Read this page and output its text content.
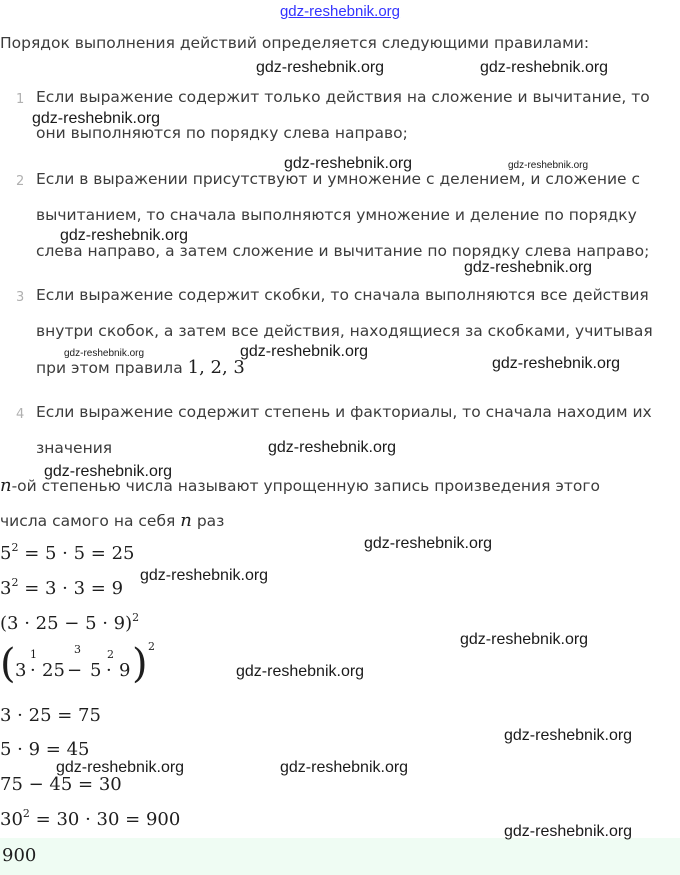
gdz-reshebnik.org
Порядок выполнения действий определяется следующими правилами:
1 Если выражение содержит только действия на сложение и вычитание, то
они выполняются по порядку слева направо;
2 Если в выражении присутствуют и умножение с делением, и сложение с
вычитанием, то сначала выполняются умножение и деление по порядку
слева направо, а затем сложение и вычитание по порядку слева направо;
3 Если выражение содержит скобки, то сначала выполняются все действия
внутри скобок, а затем все действия, находящиеся за скобками, учитывая
при этом правила 1, 2, 3
4 Если выражение содержит степень и факториалы, то сначала находим их
значения
n-ой степенью числа называют упрощенную запись произведения этого
числа самого на себя n раз
$5^2 = 5 \cdot 5 = 25$
$3^2 = 3 \cdot 3 = 9$
$(3 \cdot 25 - 5 \cdot 9)^2$
( 3
1
· 25 −
3
5
2
· 9 ) 2
3 · 25 = 75
5 · 9 = 45
75 − 45 = 30
$30^2 = 30 \cdot 30 = 900$
900
gdz-reshebnik.org	gdz-reshebnik.org
gdz-reshebnik.org
gdz-reshebnik.org	gdz-reshebnik.org
gdz-reshebnik.org
gdz-reshebnik.org
gdz-reshebnik.org	gdz-reshebnik.org
gdz-reshebnik.org
gdz-reshebnik.org
gdz-reshebnik.org
gdz-reshebnik.org
gdz-reshebnik.org
gdz-reshebnik.org
gdz-reshebnik.org
gdz-reshebnik.org
gdz-reshebnik.org	gdz-reshebnik.org
gdz-reshebnik.org
